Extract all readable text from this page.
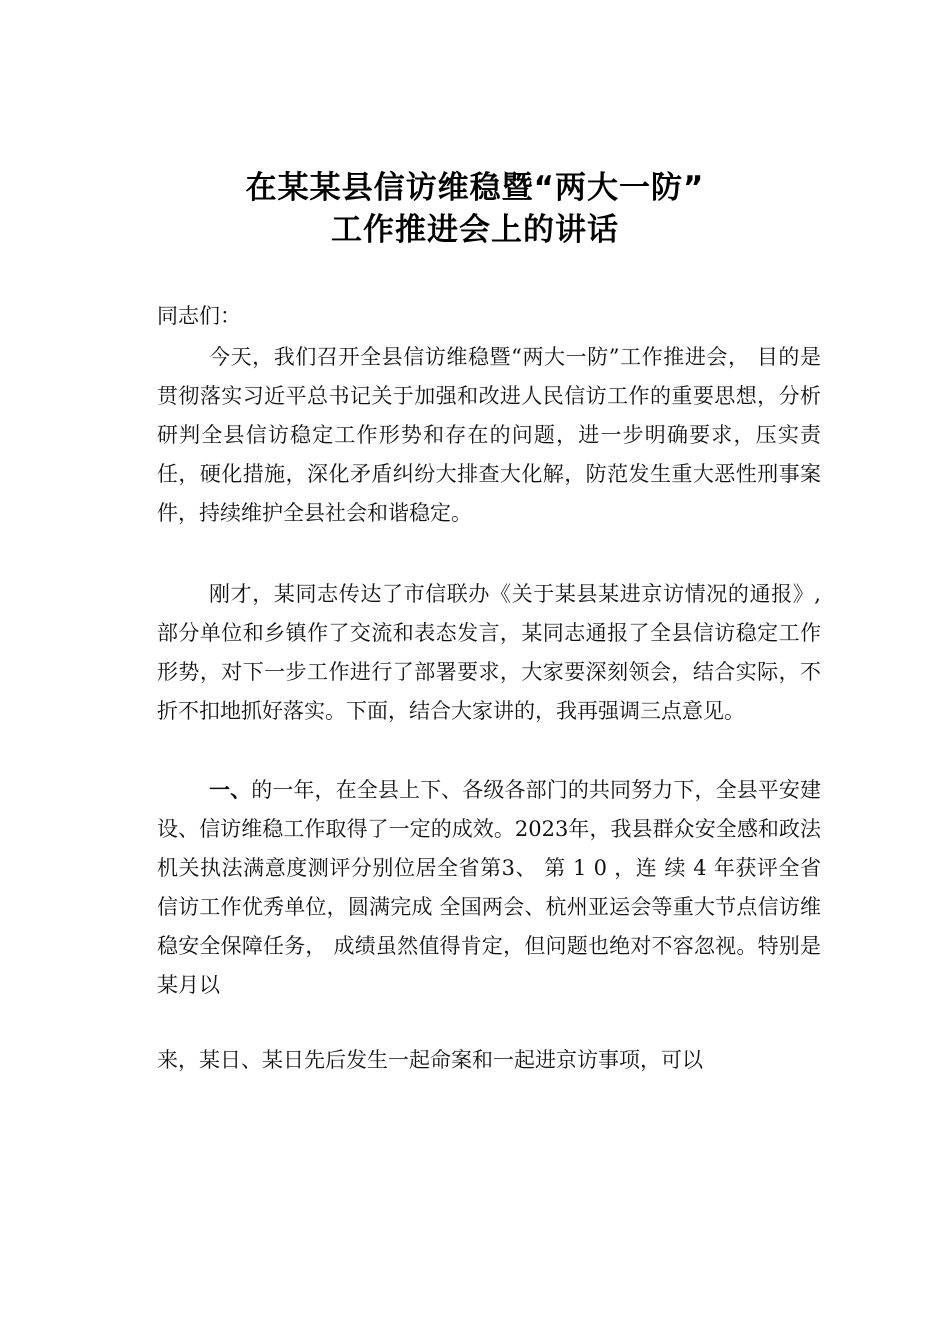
在某某县信访维稳暨“两大一防”
工作推进会上的讲话
同志们：
今天，我们召开全县信访维稳暨“两大一防”工作推进会， 目的是贯彻落实习近平总书记关于加强和改进人民信访工作的重要思想，分析研判全县信访稳定工作形势和存在的问题，进一步明确要求，压实责任，硬化措施，深化矛盾纠纷大排查大化解，防范发生重大恶性刑事案件，持续维护全县社会和谐稳定。
刚才，某同志传达了市信联办《关于某县某进京访情况的通报》,部分单位和乡镇作了交流和表态发言，某同志通报了全县信访稳定工作形势，对下一步工作进行了部署要求，大家要深刻领会，结合实际，不折不扣地抓好落实。下面，结合大家讲的，我再强调三点意见。
一、的一年，在全县上下、各级各部门的共同努力下，全县平安建设、信访维稳工作取得了一定的成效。2023年，我县群众安全感和政法机关执法满意度测评分别位居全省第3、 第 1 0 ，连 续 4 年获评全省信访工作优秀单位，圆满完成 全国两会、杭州亚运会等重大节点信访维稳安全保障任务， 成绩虽然值得肯定，但问题也绝对不容忽视。特别是某月以
来，某日、某日先后发生一起命案和一起进京访事项，可以
